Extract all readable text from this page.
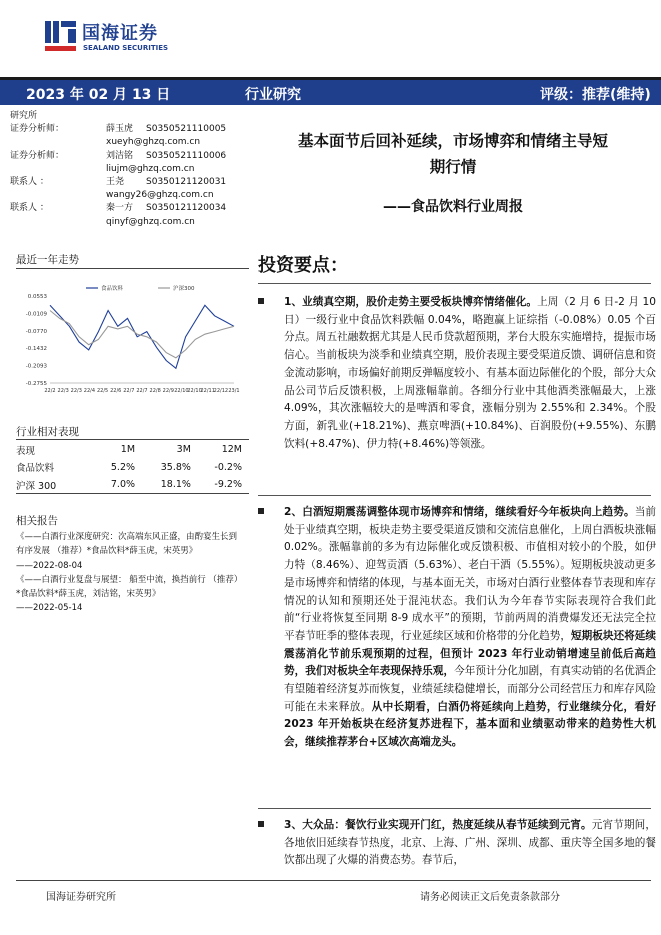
国海证券
SEALAND SECURITIES
2023 年 02 月 13 日	行业研究	评级：推荐(维持)
研究所
证券分析师：	薛玉虎 S0350521110005
xueyh@ghzq.com.cn
证券分析师：	刘洁铭 S0350521110006
liujm@ghzq.com.cn
联系人 ：	王尧 S0350121120031
wangy26@ghzq.com.cn
联系人 ：	秦一方 S0350121120034
qinyf@ghzq.com.cn
基本面节后回补延续，市场博弈和情绪主导短
期行情
——食品饮料行业周报
最近一年走势
0.0553
-0.0109
-0.0770
-0.1432
-0.2093
-0.2755
22/2 22/3 22/3 22/4 22/5 22/6 22/7 22/7 22/8 22/9 22/10
22/10
22/11
22/12 23/1
食品饮料	沪深300
行业相对表现
表现	1M	3M	12M
食品饮料	5.2%	35.8%	-0.2%
沪深 300	7.0%	18.1%	-9.2%
相关报告
《——白酒行业深度研究：次高端东风正盛，由酌宴生长到有序发展 （推荐）*食品饮料*薛玉虎，宋英男》
——2022-08-04
《——白酒行业复盘与展望： 船至中流，换挡前行 （推荐）*食品饮料*薛玉虎，刘洁铭，宋英男》
——2022-05-14
投资要点：
1、业绩真空期，股价走势主要受板块博弈情绪催化。上周（2 月 6 日-2 月 10 日）一级行业中食品饮料跌幅 0.04%，略跑赢上证综指（-0.08%）0.05 个百分点。周五社融数据尤其是人民币贷款超预期，茅台大股东实施增持，提振市场信心。当前板块为淡季和业绩真空期，股价表现主要受渠道反馈、调研信息和资金流动影响，市场偏好前期反弹幅度较小、有基本面边际催化的个股，部分大众品公司节后反馈积极，上周涨幅靠前。各细分行业中其他酒类涨幅最大，上涨 4.09%，其次涨幅较大的是啤酒和零食，涨幅分别为 2.55%和 2.34%。个股方面，新乳业(+18.21%)、燕京啤酒(+10.84%)、百润股份(+9.55%)、东鹏饮料(+8.47%)、伊力特(+8.46%)等领涨。
2、白酒短期震荡调整体现市场博弈和情绪，继续看好今年板块向上趋势。当前处于业绩真空期，板块走势主要受渠道反馈和交流信息催化，上周白酒板块涨幅 0.02%。涨幅靠前的多为有边际催化或反馈积极、市值相对较小的个股，如伊力特（8.46%）、迎驾贡酒（5.63%）、老白干酒（5.55%）。短期板块波动更多是市场博弈和情绪的体现，与基本面无关，市场对白酒行业整体春节表现和库存情况的认知和预期还处于混沌状态。我们认为今年春节实际表现符合我们此前“行业将恢复至同期 8-9 成水平”的预期，节前两周的消费爆发还无法完全拉平春节旺季的整体表现，行业延续区域和价格带的分化趋势，短期板块还将延续震荡消化节前乐观预期的过程，但预计 2023 年行业动销增速呈前低后高趋势，我们对板块全年表现保持乐观，今年预计分化加剧，有真实动销的名优酒企有望随着经济复苏而恢复，业绩延续稳健增长，而部分公司经营压力和库存风险可能在未来释放。从中长期看，白酒仍将延续向上趋势，行业继续分化，看好 2023 年开始板块在经济复苏进程下，基本面和业绩驱动带来的趋势性大机会，继续推荐茅台+区域次高端龙头。
3、大众品：餐饮行业实现开门红，热度延续从春节延续到元宵。元宵节期间，各地依旧延续春节热度，北京、上海、广州、深圳、成都、重庆等全国多地的餐饮都出现了火爆的消费态势。春节后，
国海证券研究所	请务必阅读正文后免责条款部分
